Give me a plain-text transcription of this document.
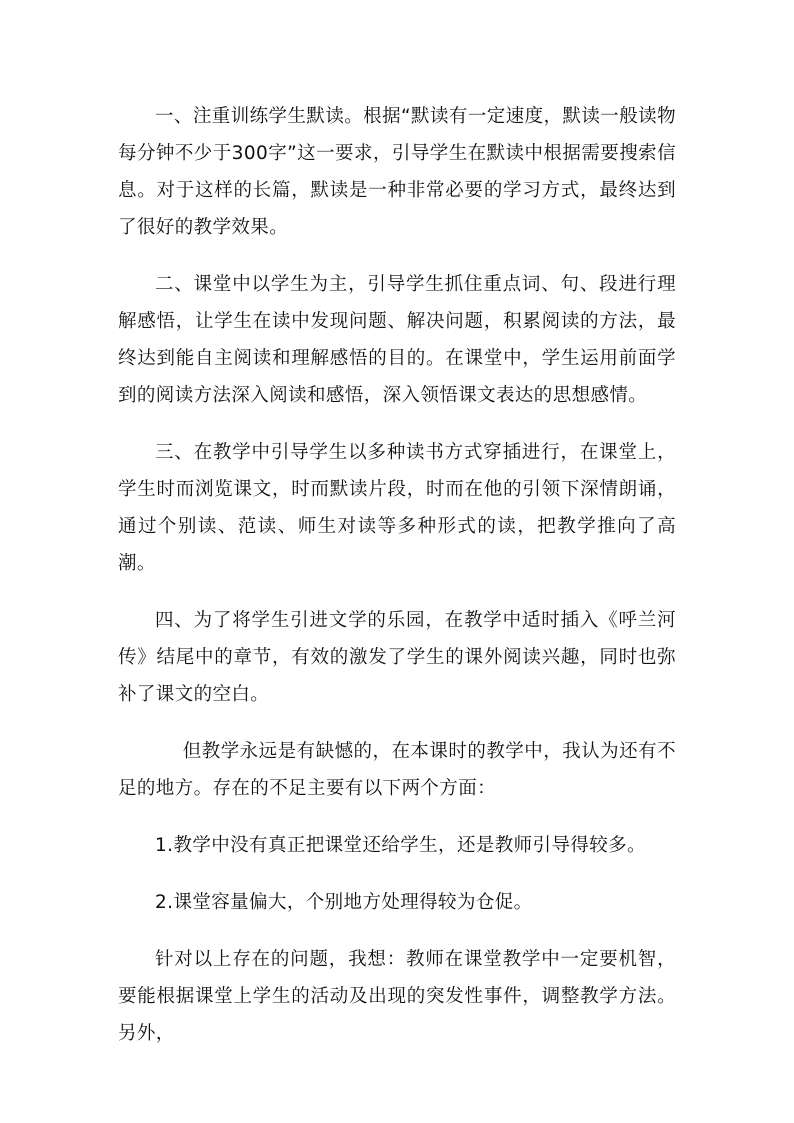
一、注重训练学生默读。根据“默读有一定速度，默读一般读物每分钟不少于300字”这一要求，引导学生在默读中根据需要搜索信息。对于这样的长篇，默读是一种非常必要的学习方式，最终达到了很好的教学效果。

二、课堂中以学生为主，引导学生抓住重点词、句、段进行理解感悟，让学生在读中发现问题、解决问题，积累阅读的方法，最终达到能自主阅读和理解感悟的目的。在课堂中，学生运用前面学到的阅读方法深入阅读和感悟，深入领悟课文表达的思想感情。

三、在教学中引导学生以多种读书方式穿插进行，在课堂上，学生时而浏览课文，时而默读片段，时而在他的引领下深情朗诵，通过个别读、范读、师生对读等多种形式的读，把教学推向了高潮。

四、为了将学生引进文学的乐园，在教学中适时插入《呼兰河传》结尾中的章节，有效的激发了学生的课外阅读兴趣，同时也弥补了课文的空白。

但教学永远是有缺憾的，在本课时的教学中，我认为还有不足的地方。存在的不足主要有以下两个方面：

1.教学中没有真正把课堂还给学生，还是教师引导得较多。

2.课堂容量偏大，个别地方处理得较为仓促。

针对以上存在的问题，我想：教师在课堂教学中一定要机智，要能根据课堂上学生的活动及出现的突发性事件，调整教学方法。另外，
